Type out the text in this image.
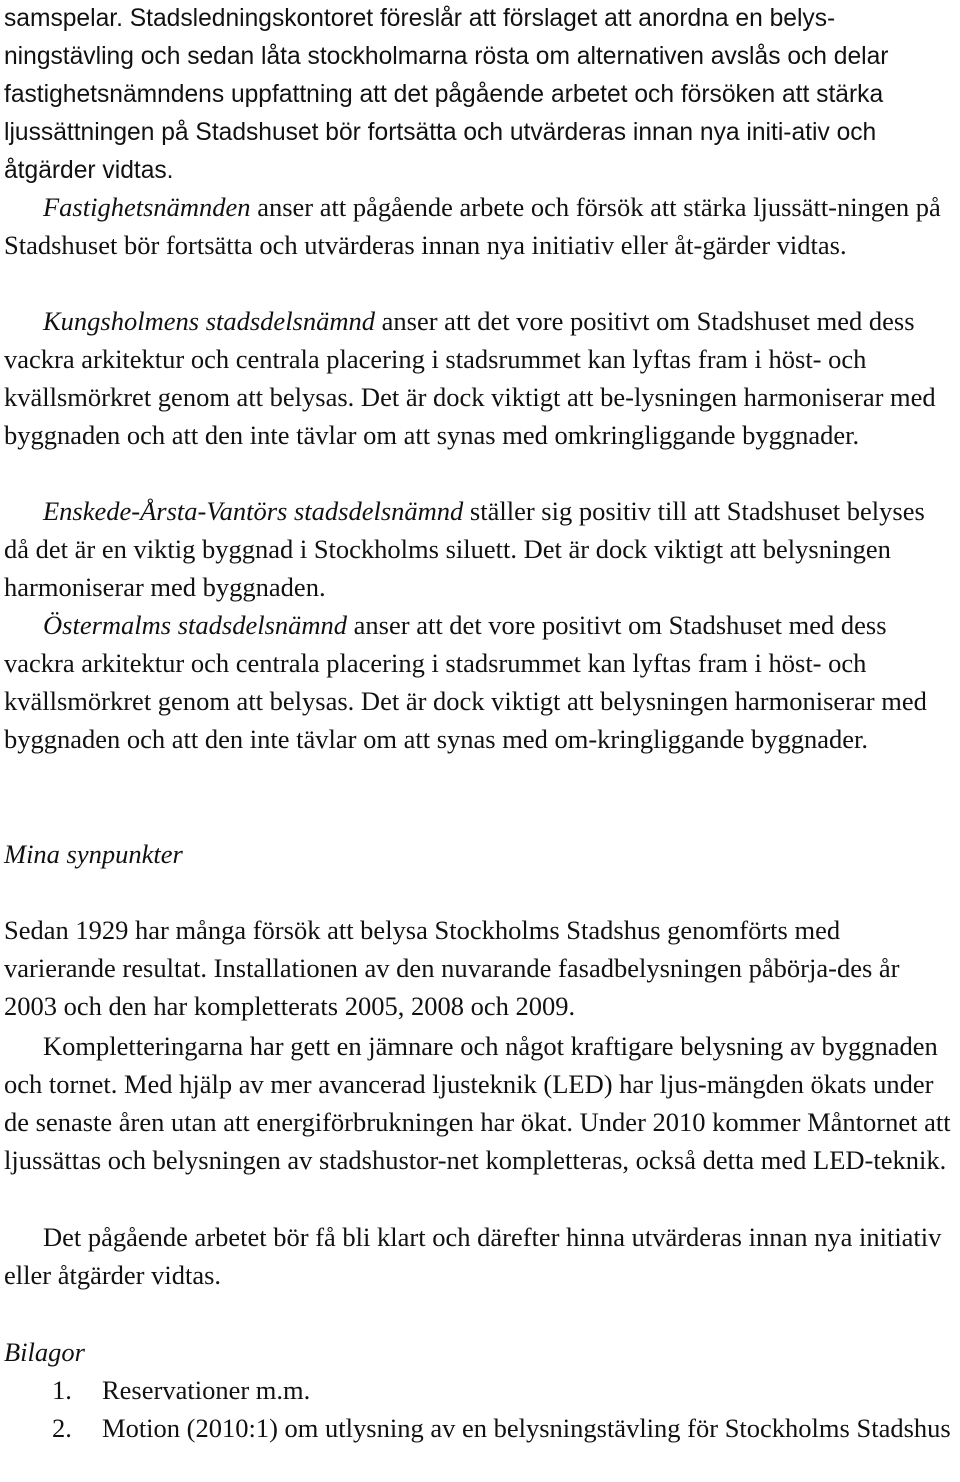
samspelar. Stadsledningskontoret föreslår att förslaget att anordna en belys-ningstävling och sedan låta stockholmarna rösta om alternativen avslås och delar fastighetsnämndens uppfattning att det pågående arbetet och försöken att stärka ljussättningen på Stadshuset bör fortsätta och utvärderas innan nya initi-ativ och åtgärder vidtas.

Fastighetsnämnden anser att pågående arbete och försök att stärka ljussätt-ningen på Stadshuset bör fortsätta och utvärderas innan nya initiativ eller åt-gärder vidtas.

Kungsholmens stadsdelsnämnd anser att det vore positivt om Stadshuset med dess vackra arkitektur och centrala placering i stadsrummet kan lyftas fram i höst- och kvällsmörkret genom att belysas. Det är dock viktigt att be-lysningen harmoniserar med byggnaden och att den inte tävlar om att synas med omkringliggande byggnader.

Enskede-Årsta-Vantörs stadsdelsnämnd ställer sig positiv till att Stadshuset belyses då det är en viktig byggnad i Stockholms siluett. Det är dock viktigt att belysningen harmoniserar med byggnaden.

Östermalms stadsdelsnämnd anser att det vore positivt om Stadshuset med dess vackra arkitektur och centrala placering i stadsrummet kan lyftas fram i höst- och kvällsmörkret genom att belysas. Det är dock viktigt att belysningen harmoniserar med byggnaden och att den inte tävlar om att synas med om-kringliggande byggnader.

Mina synpunkter

Sedan 1929 har många försök att belysa Stockholms Stadshus genomförts med varierande resultat. Installationen av den nuvarande fasadbelysningen påbörja-des år 2003 och den har kompletterats 2005, 2008 och 2009.

Kompletteringarna har gett en jämnare och något kraftigare belysning av byggnaden och tornet. Med hjälp av mer avancerad ljusteknik (LED) har ljus-mängden ökats under de senaste åren utan att energiförbrukningen har ökat. Under 2010 kommer Måntornet att ljussättas och belysningen av stadshustor-net kompletteras, också detta med LED-teknik.

Det pågående arbetet bör få bli klart och därefter hinna utvärderas innan nya initiativ eller åtgärder vidtas.

Bilagor

1. Reservationer m.m.
2. Motion (2010:1) om utlysning av en belysningstävling för Stockholms Stadshus
